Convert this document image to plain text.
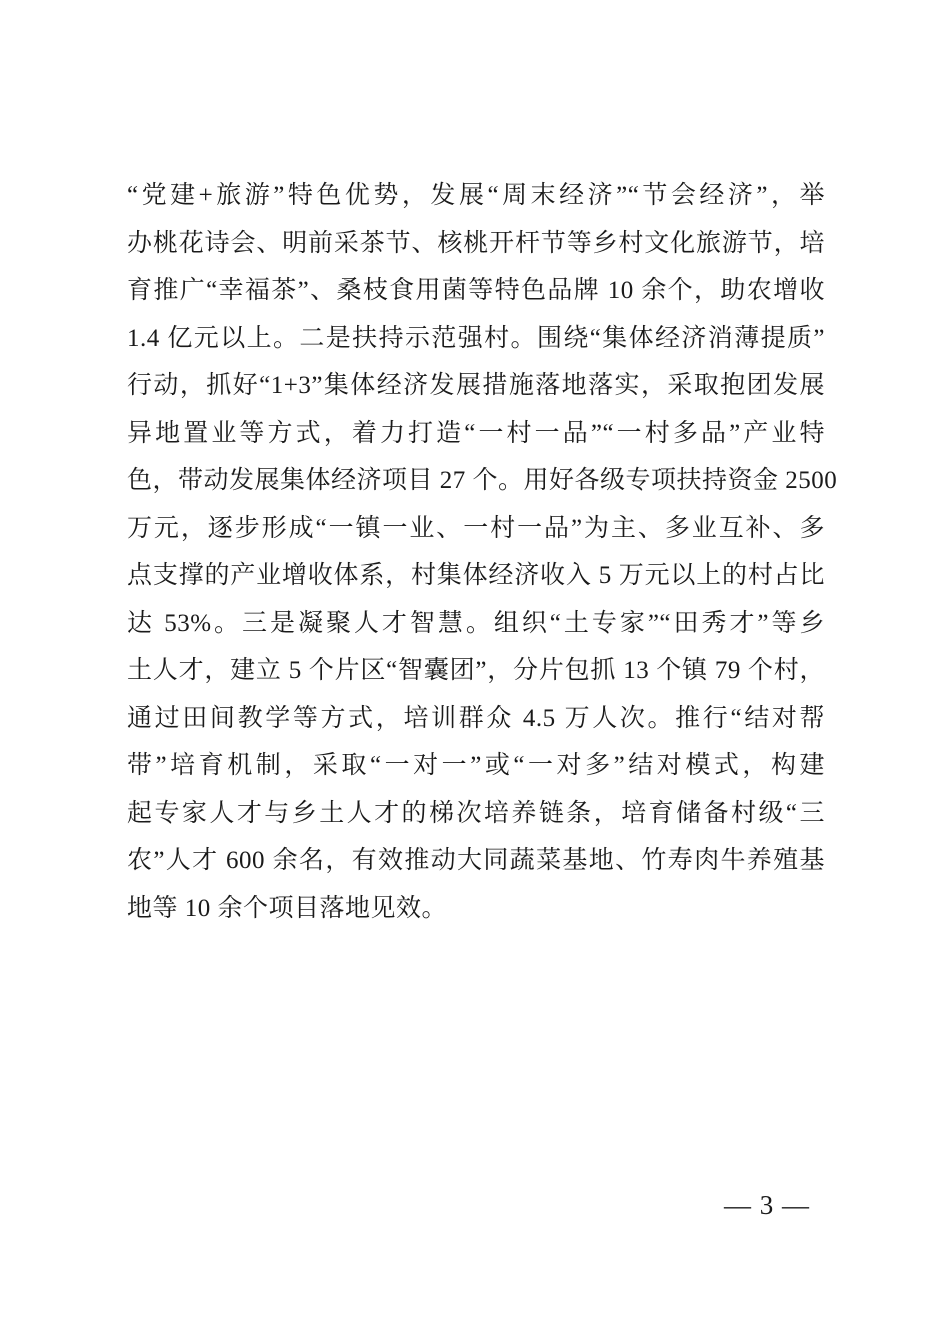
“党建+旅游”特色优势，发展“周末经济”“节会经济”，举

办桃花诗会、明前采茶节、核桃开杆节等乡村文化旅游节，培

育推广“幸福茶”、桑枝食用菌等特色品牌 10 余个，助农增收

1.4 亿元以上。二是扶持示范强村。围绕“集体经济消薄提质”

行动，抓好“1+3”集体经济发展措施落地落实，采取抱团发展

异地置业等方式，着力打造“一村一品”“一村多品”产业特

色，带动发展集体经济项目 27 个。用好各级专项扶持资金 2500

万元，逐步形成“一镇一业、一村一品”为主、多业互补、多

点支撑的产业增收体系，村集体经济收入 5 万元以上的村占比

达 53%。三是凝聚人才智慧。组织“土专家”“田秀才”等乡

土人才，建立 5 个片区“智囊团”，分片包抓 13 个镇 79 个村，

通过田间教学等方式，培训群众 4.5 万人次。推行“结对帮

带”培育机制，采取“一对一”或“一对多”结对模式，构建

起专家人才与乡土人才的梯次培养链条，培育储备村级“三

农”人才 600 余名，有效推动大同蔬菜基地、竹寿肉牛养殖基

地等 10 余个项目落地见效。

— 3 —
